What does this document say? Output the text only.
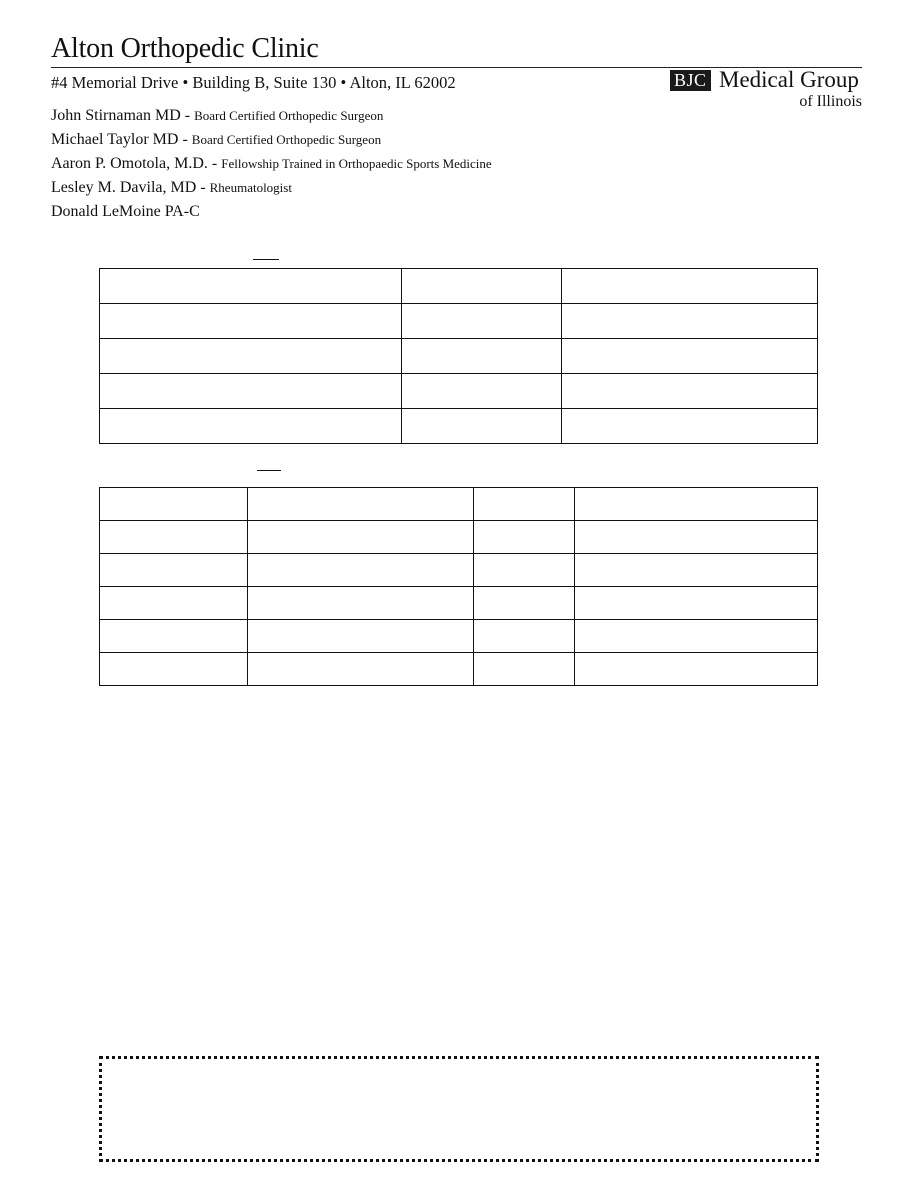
Alton Orthopedic Clinic
#4 Memorial Drive • Building B, Suite 130 • Alton, IL 62002	BJC Medical Group
of Illinois
John Stirnaman MD - Board Certified Orthopedic Surgeon
Michael Taylor MD - Board Certified Orthopedic Surgeon
Aaron P. Omotola, M.D. - Fellowship Trained in Orthopaedic Sports Medicine
Lesley M. Davila, MD - Rheumatologist
Donald LeMoine PA-C
